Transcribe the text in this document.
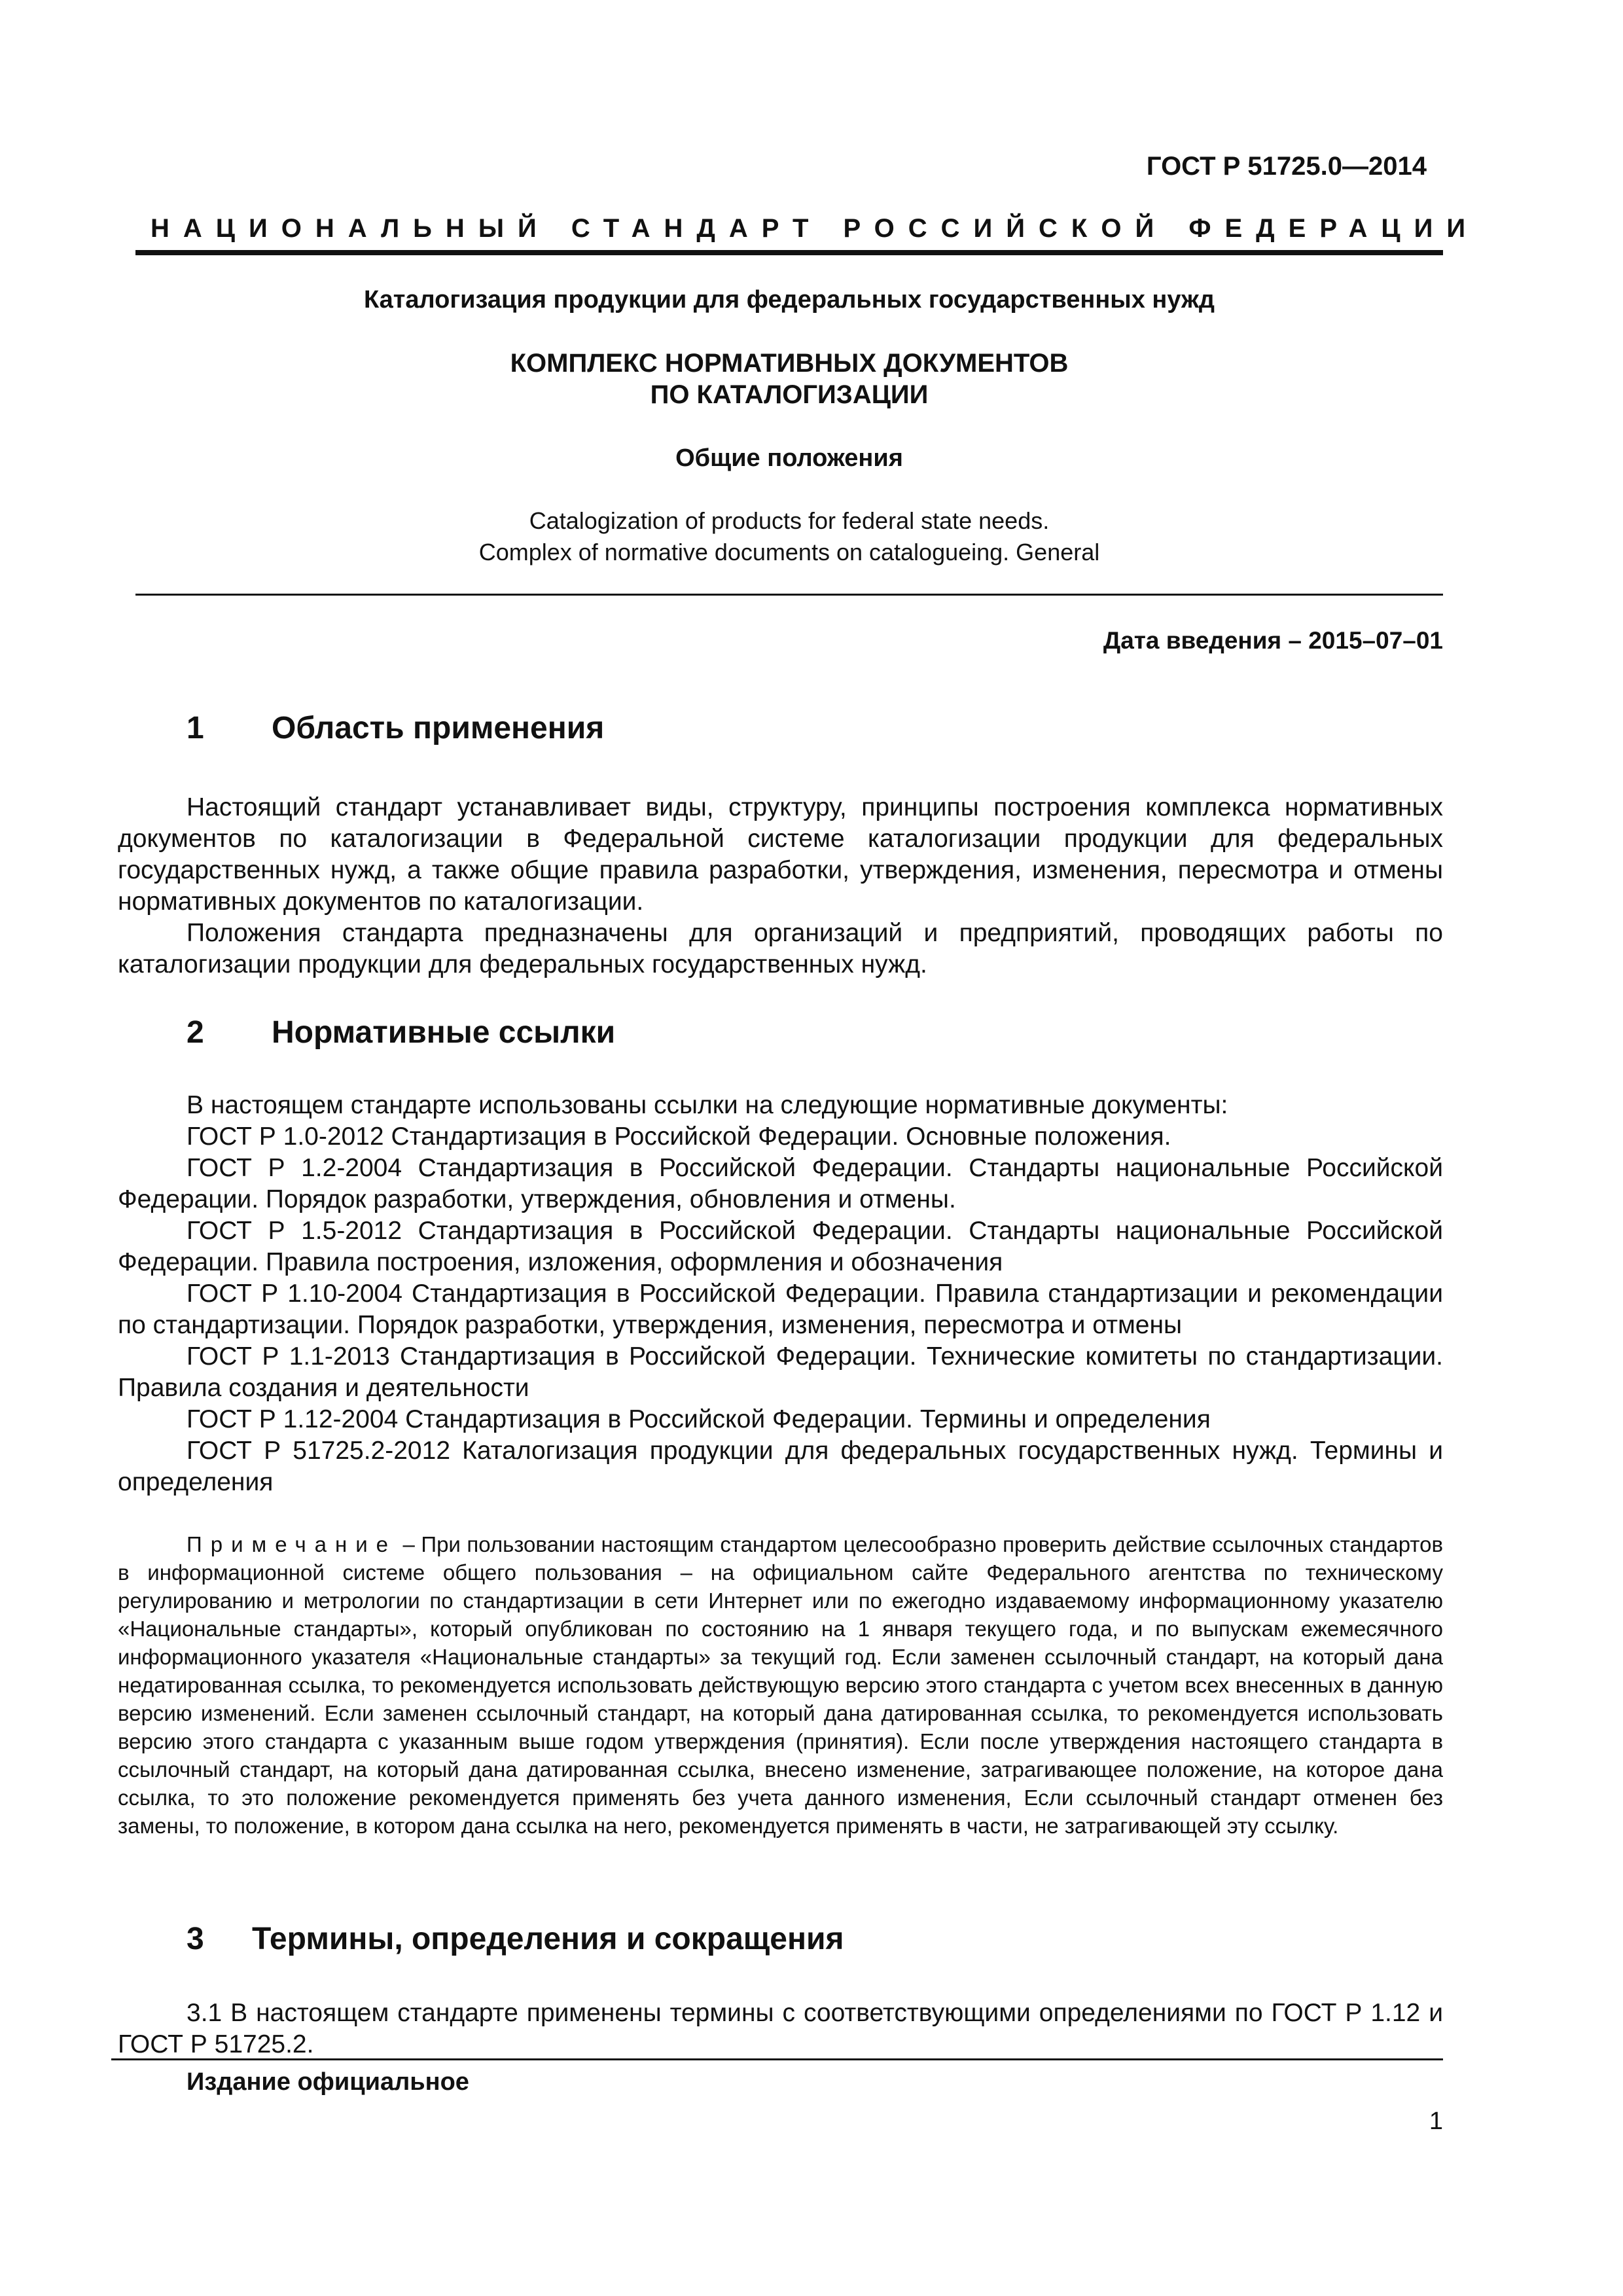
ГОСТ Р 51725.0—2014
НАЦИОНАЛЬНЫЙ СТАНДАРТ РОССИЙСКОЙ ФЕДЕРАЦИИ
Каталогизация продукции для федеральных государственных нужд
КОМПЛЕКС НОРМАТИВНЫХ ДОКУМЕНТОВ
ПО КАТАЛОГИЗАЦИИ
Общие положения
Catalogization of products for federal state needs.
Complex of normative documents on catalogueing. General
Дата введения – 2015–07–01
1 Область применения

Настоящий стандарт устанавливает виды, структуру, принципы построения комплекса нормативных документов по каталогизации в Федеральной системе каталогизации продукции для федеральных государственных нужд, а также общие правила разработки, утверждения, изменения, пересмотра и отмены нормативных документов по каталогизации.

Положения стандарта предназначены для организаций и предприятий, проводящих работы по каталогизации продукции для федеральных государственных нужд.

2 Нормативные ссылки

В настоящем стандарте использованы ссылки на следующие нормативные документы:

ГОСТ Р 1.0-2012 Стандартизация в Российской Федерации. Основные положения.

ГОСТ Р 1.2-2004 Стандартизация в Российской Федерации. Стандарты национальные Российской Федерации. Порядок разработки, утверждения, обновления и отмены.

ГОСТ Р 1.5-2012 Стандартизация в Российской Федерации. Стандарты национальные Российской Федерации. Правила построения, изложения, оформления и обозначения

ГОСТ Р 1.10-2004 Стандартизация в Российской Федерации. Правила стандартизации и рекомендации по стандартизации. Порядок разработки, утверждения, изменения, пересмотра и отмены

ГОСТ Р 1.1-2013 Стандартизация в Российской Федерации. Технические комитеты по стандартизации. Правила создания и деятельности

ГОСТ Р 1.12-2004 Стандартизация в Российской Федерации. Термины и определения

ГОСТ Р 51725.2-2012 Каталогизация продукции для федеральных государственных нужд. Термины и определения

Примечание – При пользовании настоящим стандартом целесообразно проверить действие ссылочных стандартов в информационной системе общего пользования – на официальном сайте Федерального агентства по техническому регулированию и метрологии по стандартизации в сети Интернет или по ежегодно издаваемому информационному указателю «Национальные стандарты», который опубликован по состоянию на 1 января текущего года, и по выпускам ежемесячного информационного указателя «Национальные стандарты» за текущий год. Если заменен ссылочный стандарт, на который дана недатированная ссылка, то рекомендуется использовать действующую версию этого стандарта с учетом всех внесенных в данную версию изменений. Если заменен ссылочный стандарт, на который дана датированная ссылка, то рекомендуется использовать версию этого стандарта с указанным выше годом утверждения (принятия). Если после утверждения настоящего стандарта в ссылочный стандарт, на который дана датированная ссылка, внесено изменение, затрагивающее положение, на которое дана ссылка, то это положение рекомендуется применять без учета данного изменения, Если ссылочный стандарт отменен без замены, то положение, в котором дана ссылка на него, рекомендуется применять в части, не затрагивающей эту ссылку.
3 Термины, определения и сокращения

3.1 В настоящем стандарте применены термины с соответствующими определениями по ГОСТ Р 1.12 и ГОСТ Р 51725.2.

Издание официальное
1
